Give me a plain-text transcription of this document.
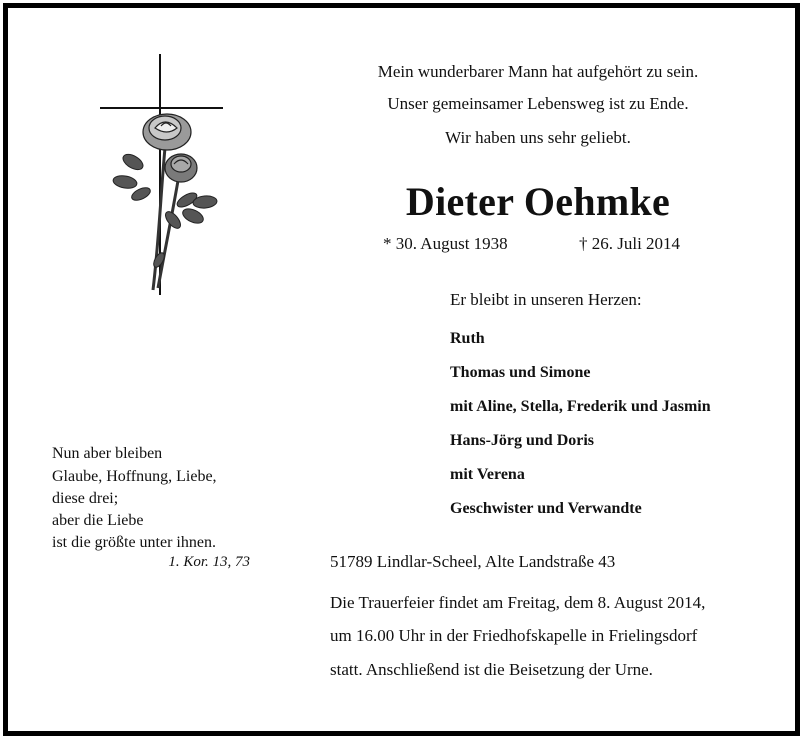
Mein wunderbarer Mann hat aufgehört zu sein.
Unser gemeinsamer Lebensweg ist zu Ende.
Wir haben uns sehr geliebt.
Dieter Oehmke
* 30. August 1938	† 26. Juli 2014
Er bleibt in unseren Herzen:
Ruth
Thomas und Simone
mit Aline, Stella, Frederik und Jasmin
Hans-Jörg und Doris
mit Verena
Geschwister und Verwandte
Nun aber bleiben
Glaube, Hoffnung, Liebe,
diese drei;
aber die Liebe
ist die größte unter ihnen.
1. Kor. 13, 73	51789 Lindlar-Scheel, Alte Landstraße 43
Die Trauerfeier findet am Freitag, dem 8. August 2014,
um 16.00 Uhr in der Friedhofskapelle in Frielingsdorf
statt. Anschließend ist die Beisetzung der Urne.
